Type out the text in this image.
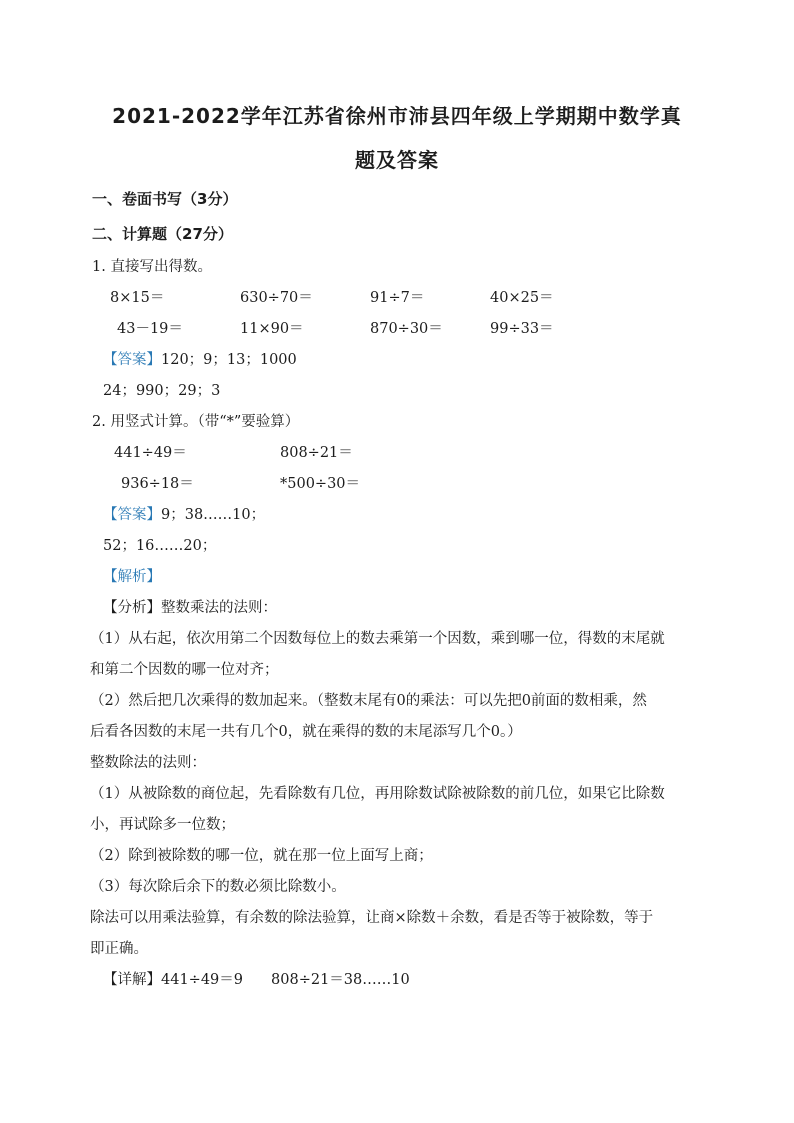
2021-2022学年江苏省徐州市沛县四年级上学期期中数学真
题及答案
一、卷面书写（3分）
二、计算题（27分）
1. 直接写出得数。
8×15＝	630÷70＝	91÷7＝	40×25＝
43－19＝	11×90＝	870÷30＝	99÷33＝
【答案】120；9；13；1000
24；990；29；3
2. 用竖式计算。（带“*”要验算）
441÷49＝	808÷21＝
936÷18＝	*500÷30＝
【答案】9；38……10；
52；16……20；
【解析】
【分析】整数乘法的法则：
（1）从右起，依次用第二个因数每位上的数去乘第一个因数，乘到哪一位，得数的末尾就
和第二个因数的哪一位对齐；
（2）然后把几次乘得的数加起来。（整数末尾有0的乘法：可以先把0前面的数相乘，然
后看各因数的末尾一共有几个0，就在乘得的数的末尾添写几个0。）
整数除法的法则：
（1）从被除数的商位起，先看除数有几位，再用除数试除被除数的前几位，如果它比除数
小，再试除多一位数；
（2）除到被除数的哪一位，就在那一位上面写上商；
（3）每次除后余下的数必须比除数小。
除法可以用乘法验算，有余数的除法验算，让商×除数＋余数，看是否等于被除数，等于
即正确。
【详解】441÷49＝9 808÷21＝38……10
